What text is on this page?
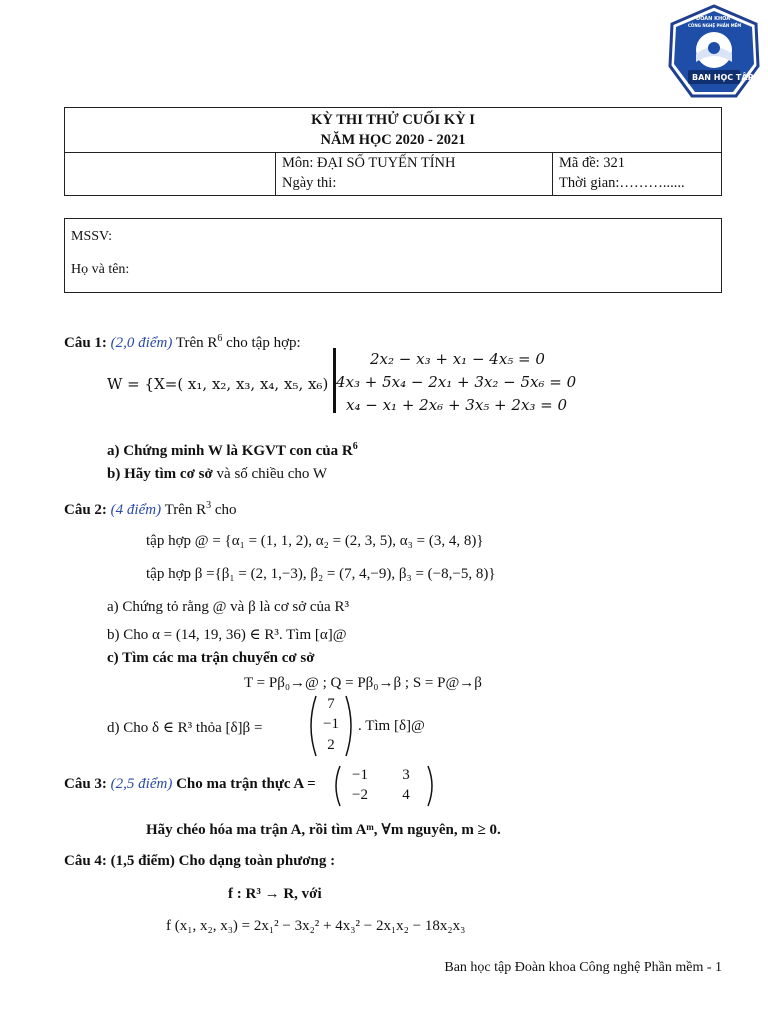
ĐOÀN KHOA
CÔNG NGHỆ PHẦN MỀM
BAN HỌC TẬP
KỲ THI THỬ CUỐI KỲ I
NĂM HỌC 2020 - 2021

Môn: ĐẠI SỐ TUYẾN TÍNH
Ngày thi:

Mã đề: 321
Thời gian:………......
MSSV:
Họ và tên:
Câu 1: (2,0 điểm) Trên $R^6$ cho tập hợp:
W = {X=( x₁, x₂, x₃, x₄, x₅, x₆)
2x₂ − x₃ + x₁ − 4x₅ = 0
4x₃ + 5x₄ − 2x₁ + 3x₂ − 5x₆ = 0
x₄ − x₁ + 2x₆ + 3x₅ + 2x₃ = 0
a) Chứng minh W là KGVT con của $R^6$
b) Hãy tìm cơ sở và số chiều cho W
Câu 2: (4 điểm) Trên $R^3$ cho
tập hợp @ = {α₁ = (1, 1, 2), α₂ = (2, 3, 5), α₃ = (3, 4, 8)}
tập hợp β ={β₁ = (2, 1,−3), β₂ = (7, 4,−9), β₃ = (−8,−5, 8)}
a) Chứng tỏ rằng @ và β là cơ sở của R³
b) Cho α = (14, 19, 36) ∈ R³. Tìm [α]@
c) Tìm các ma trận chuyển cơ sở
T = Pβ₀→@ ; Q = Pβ₀→β ; S = P@→β
d) Cho δ ∈ R³ thỏa [δ]β =
7
−1
2
. Tìm [δ]@
Câu 3: (2,5 điểm) Cho ma trận thực A =
−1	3
−2	4
Hãy chéo hóa ma trận A, rồi tìm Aᵐ, ∀m nguyên, m ≥ 0.
Câu 4: (1,5 điểm) Cho dạng toàn phương :
f : R³ → R, với
f (x₁, x₂, x₃) = 2x₁² − 3x₂² + 4x₃² − 2x₁x₂ − 18x₂x₃
Ban học tập Đoàn khoa Công nghệ Phần mềm - 1
